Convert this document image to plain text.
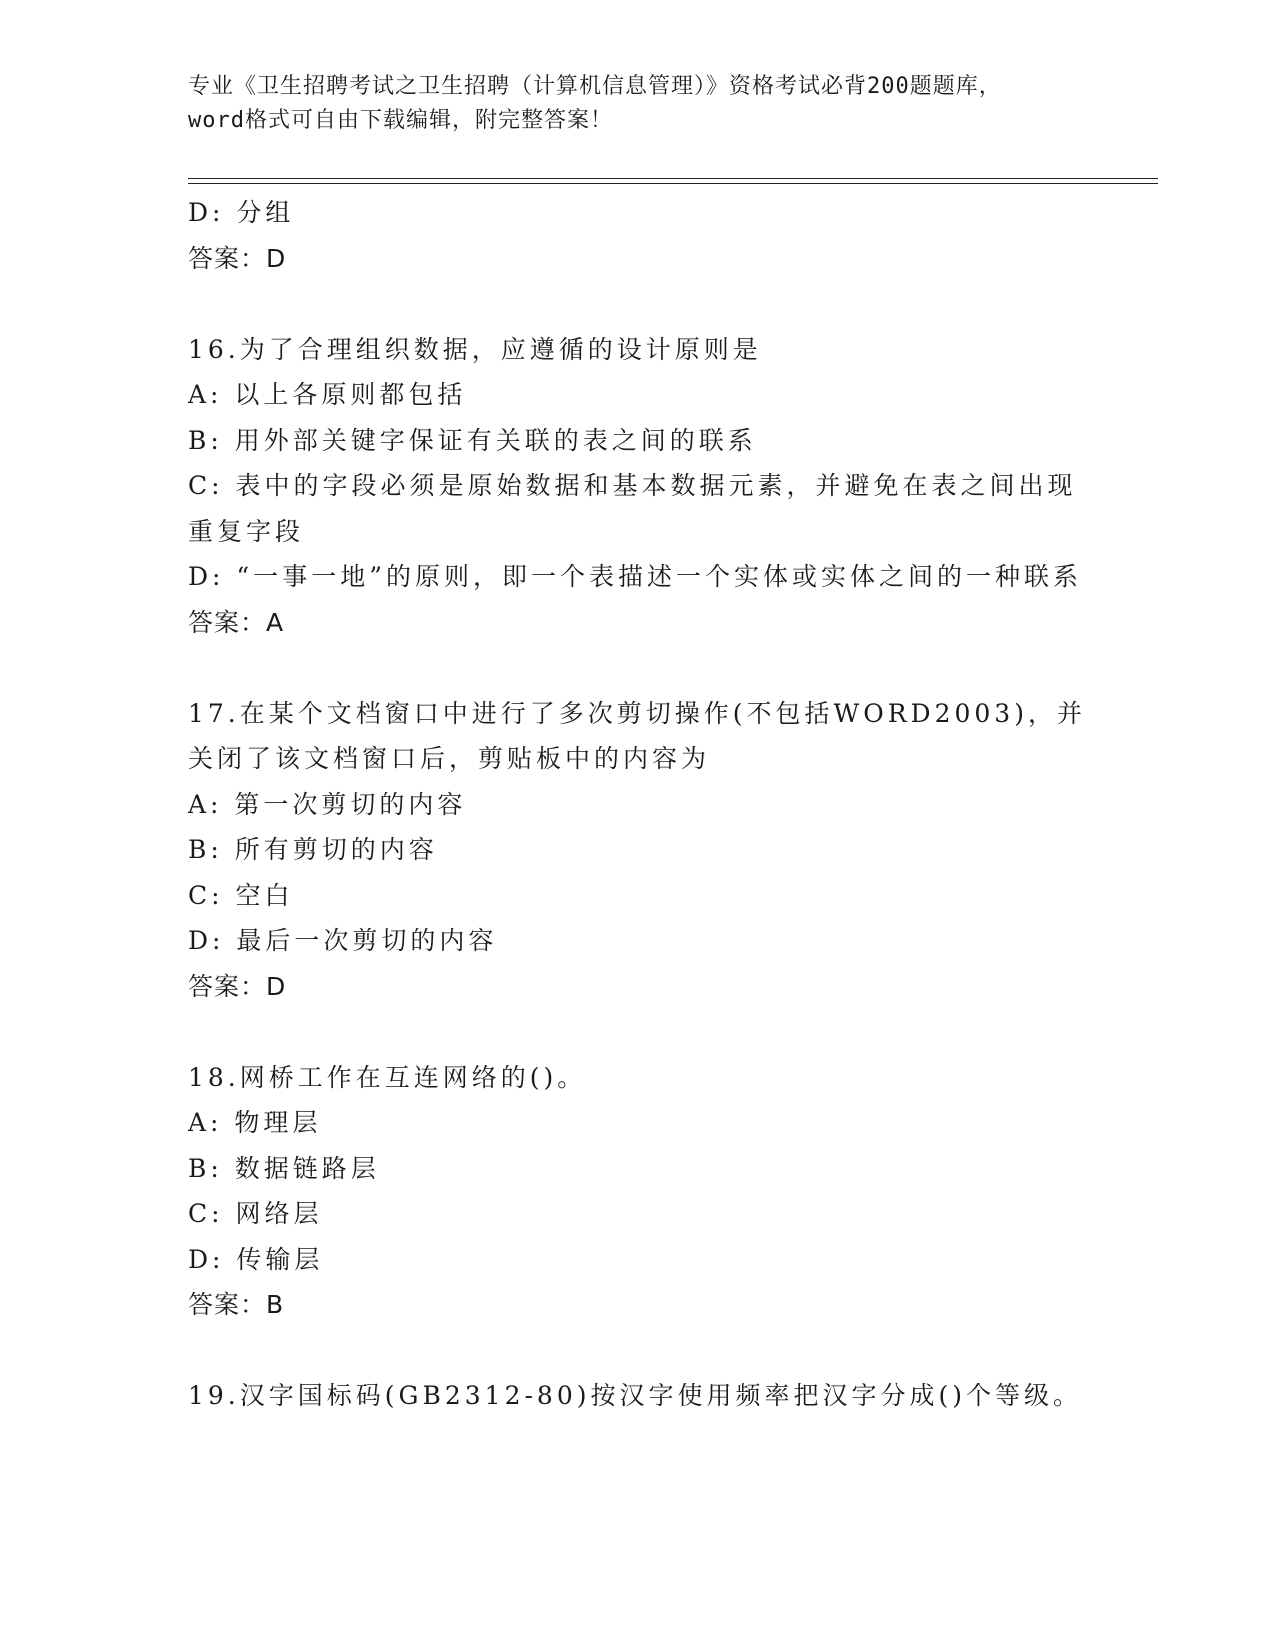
专业《卫生招聘考试之卫生招聘（计算机信息管理）》资格考试必背200题题库，
word格式可自由下载编辑，附完整答案！
D: 分组
答案：D
16.为了合理组织数据，应遵循的设计原则是
A: 以上各原则都包括
B: 用外部关键字保证有关联的表之间的联系
C: 表中的字段必须是原始数据和基本数据元素，并避免在表之间出现重复字段
D: “一事一地”的原则，即一个表描述一个实体或实体之间的一种联系
答案：A
17.在某个文档窗口中进行了多次剪切操作(不包括WORD2003)，并关闭了该文档窗口后，剪贴板中的内容为
A: 第一次剪切的内容
B: 所有剪切的内容
C: 空白
D: 最后一次剪切的内容
答案：D
18.网桥工作在互连网络的()。
A: 物理层
B: 数据链路层
C: 网络层
D: 传输层
答案：B
19.汉字国标码(GB2312-80)按汉字使用频率把汉字分成()个等级。
